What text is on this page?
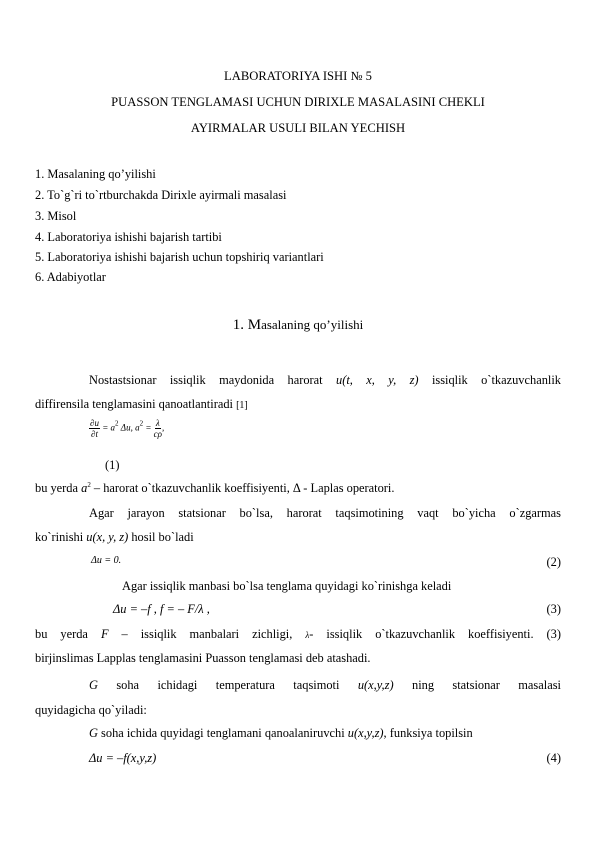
LABORATORIYA ISHI № 5
PUASSON TENGLAMASI UCHUN DIRIXLE MASALASINI CHEKLI
AYIRMALAR USULI BILAN YECHISH
1. Masalaning qo’yilishi
2. To`g`ri to`rtburchakda Dirixle ayirmali masalasi
3. Misol
4. Laboratoriya ishishi bajarish tartibi
5. Laboratoriya ishishi bajarish uchun topshiriq variantlari
6. Adabiyotlar
1. Masalaning qo’yilishi
Nostastsionar issiqlik maydonida harorat u(t, x, y, z) issiqlik o`tkazuvchanlik
diffirensila tenglamasini qanoatlantiradi [1]
$\frac{\partial u}{\partial t} = a^2$ Δu, $a^2 = \frac{\lambda}{c\rho}$ ,
(1)
bu yerda $a^2$ – harorat o`tkazuvchanlik koeffisiyenti, Δ - Laplas operatori.
Agar jarayon statsionar bo`lsa, harorat taqsimotining vaqt bo`yicha o`zgarmas
ko`rinishi u(x, y, z) hosil bo`ladi
Δu = 0.	(2)
Agar issiqlik manbasi bo`lsa tenglama quyidagi ko`rinishga keladi
Δu = –f , f = – F/λ ,	(3)
bu yerda F – issiqlik manbalari zichligi, λ- issiqlik o`tkazuvchanlik koeffisiyenti. (3)
birjinslimas Lapplas tenglamasini Puasson tenglamasi deb atashadi.
G soha ichidagi temperatura taqsimoti u(x,y,z) ning statsionar masalasi
quyidagicha qo`yiladi:
G soha ichida quyidagi tenglamani qanoalaniruvchi u(x,y,z), funksiya topilsin
Δu = –f(x,y,z)	(4)
